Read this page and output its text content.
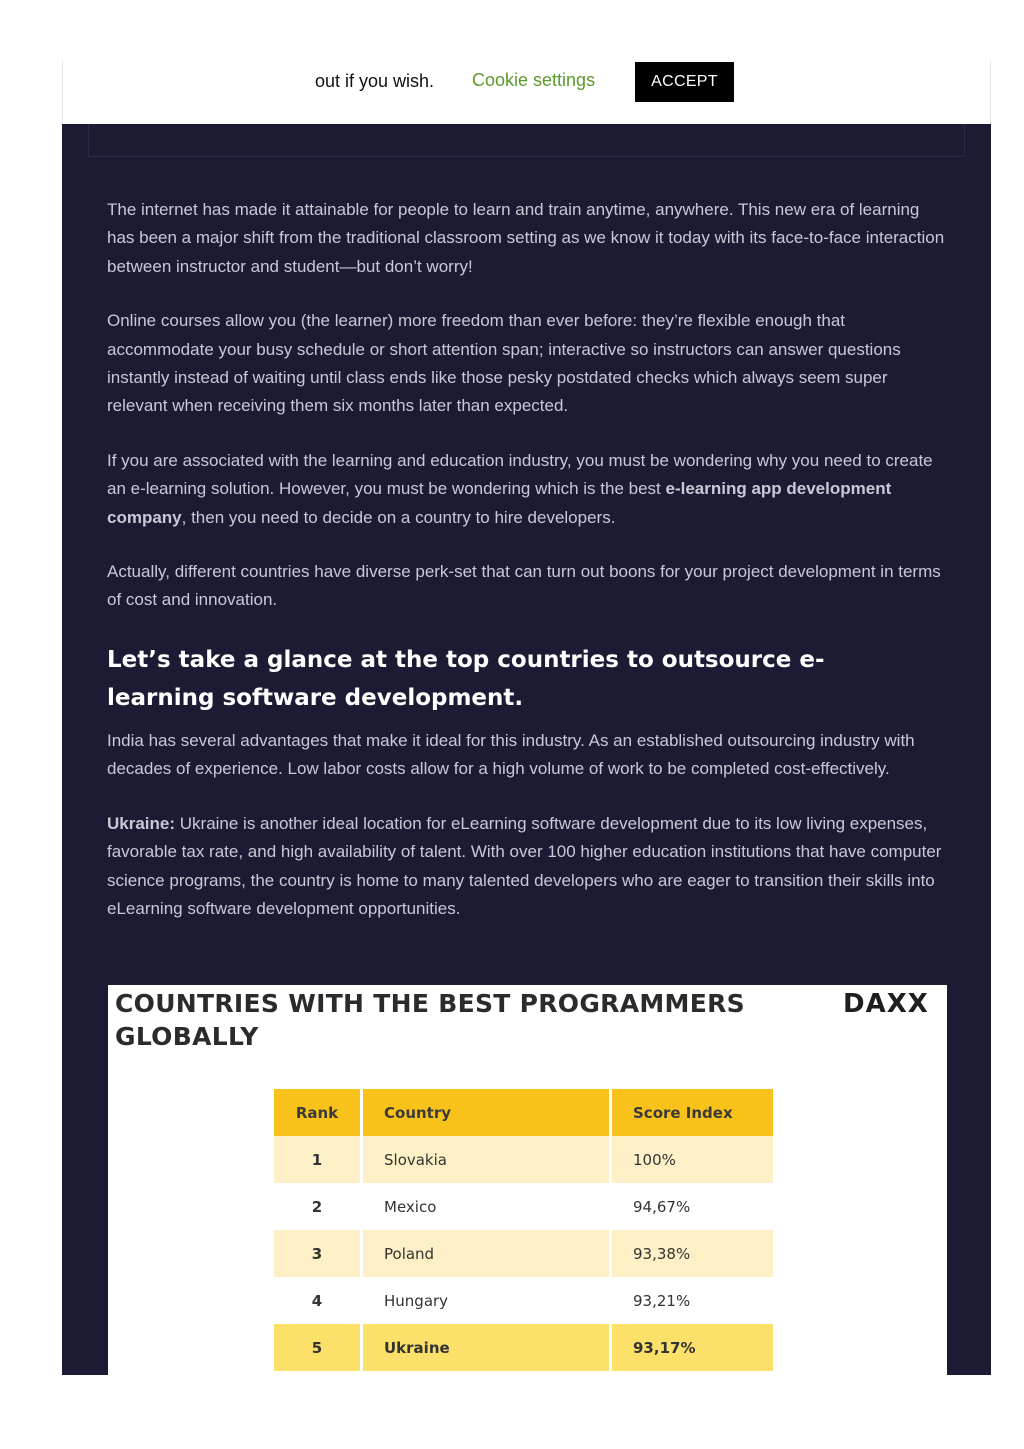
out if you wish. Cookie settings	ACCEPT

The internet has made it attainable for people to learn and train anytime, anywhere. This new era of learning has been a major shift from the traditional classroom setting as we know it today with its face-to-face interaction between instructor and student—but don’t worry!

Online courses allow you (the learner) more freedom than ever before: they’re flexible enough that accommodate your busy schedule or short attention span; interactive so instructors can answer questions instantly instead of waiting until class ends like those pesky postdated checks which always seem super relevant when receiving them six months later than expected.

If you are associated with the learning and education industry, you must be wondering why you need to create an e-learning solution. However, you must be wondering which is the best e-learning app development company, then you need to decide on a country to hire developers.

Actually, different countries have diverse perk-set that can turn out boons for your project development in terms of cost and innovation.

Let’s take a glance at the top countries to outsource e-learning software development.

India has several advantages that make it ideal for this industry. As an established outsourcing industry with decades of experience. Low labor costs allow for a high volume of work to be completed cost-effectively.

Ukraine: Ukraine is another ideal location for eLearning software development due to its low living expenses, favorable tax rate, and high availability of talent. With over 100 higher education institutions that have computer science programs, the country is home to many talented developers who are eager to transition their skills into eLearning software development opportunities.

COUNTRIES WITH THE BEST PROGRAMMERS GLOBALLY
DAXX
Rank	Country	Score Index
1	Slovakia	100%
2	Mexico	94,67%
3	Poland	93,38%
4	Hungary	93,21%
5	Ukraine	93,17%
